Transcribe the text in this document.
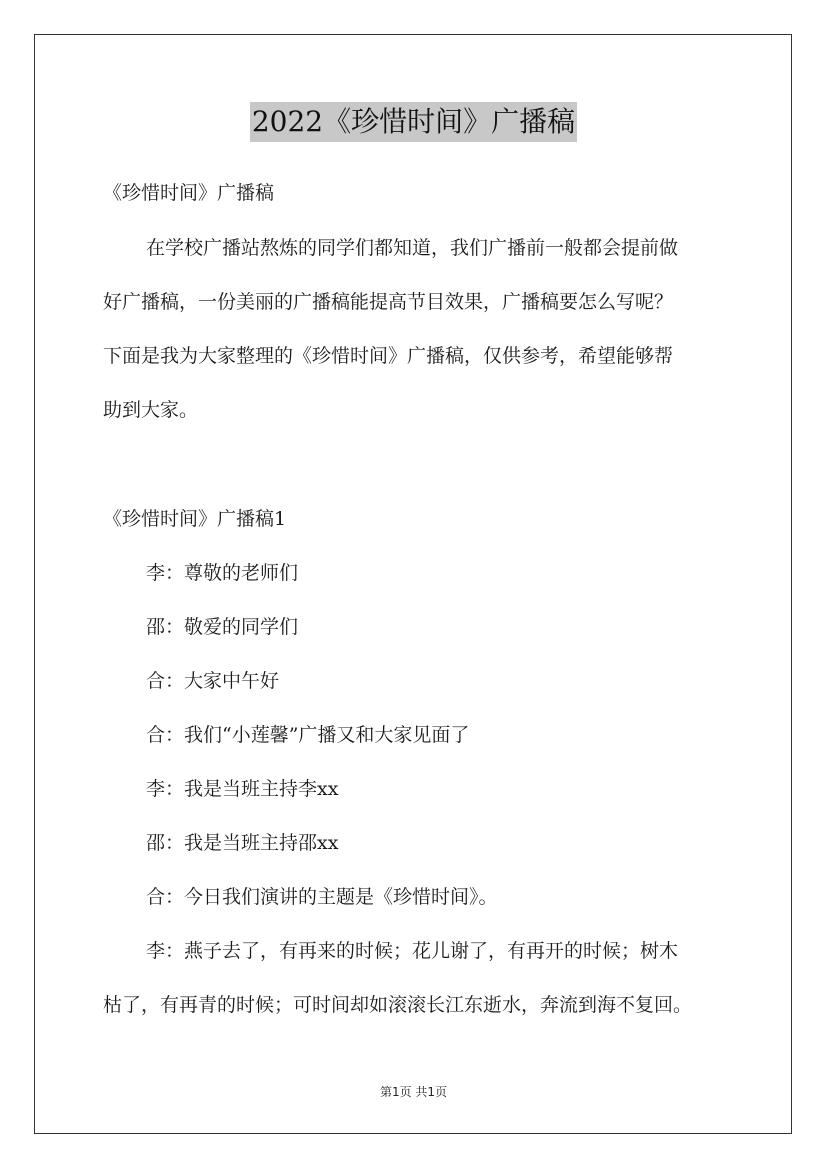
2022《珍惜时间》广播稿
《珍惜时间》广播稿
在学校广播站熬炼的同学们都知道，我们广播前一般都会提前做
好广播稿，一份美丽的广播稿能提高节目效果，广播稿要怎么写呢？
下面是我为大家整理的《珍惜时间》广播稿，仅供参考，希望能够帮
助到大家。
《珍惜时间》广播稿1
李：尊敬的老师们
邵：敬爱的同学们
合：大家中午好
合：我们“小莲馨”广播又和大家见面了
李：我是当班主持李xx
邵：我是当班主持邵xx
合：今日我们演讲的主题是《珍惜时间》。
李：燕子去了，有再来的时候；花儿谢了，有再开的时候；树木
枯了，有再青的时候；可时间却如滚滚长江东逝水，奔流到海不复回。
第1页 共1页
